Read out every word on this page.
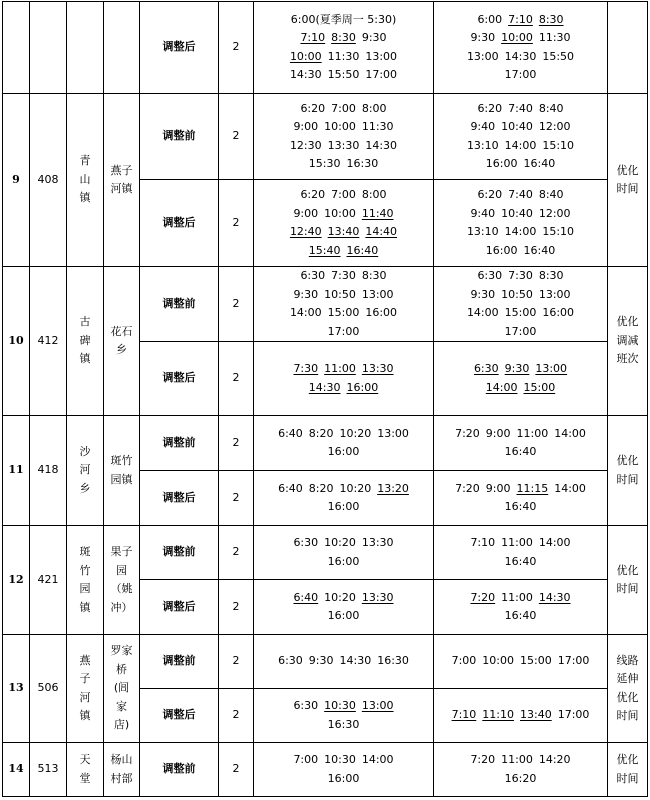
				调整后	2	6:00(夏季周一 5:30)
7:10 8:30 9:30
10:00 11:30 13:00
14:30 15:50 17:00	6:00 7:10 8:30
9:30 10:00 11:30
13:00 14:30 15:50
17:00	

9	408	青
山
镇	燕子
河镇	调整前	2	6:20 7:00 8:00
9:00 10:00 11:30
12:30 13:30 14:30
15:30 16:30	6:20 7:40 8:40
9:40 10:40 12:00
13:10 14:00 15:10
16:00 16:40	优化
时间

				调整后	2	6:20 7:00 8:00
9:00 10:00 11:40
12:40 13:40 14:40
15:40 16:40	6:20 7:40 8:40
9:40 10:40 12:00
13:10 14:00 15:10
16:00 16:40	

10	412	古
碑
镇	花石
乡	调整前	2	6:30 7:30 8:30
9:30 10:50 13:00
14:00 15:00 16:00
17:00	6:30 7:30 8:30
9:30 10:50 13:00
14:00 15:00 16:00
17:00	优化
调减
班次

				调整后	2	7:30 11:00 13:30
14:30 16:00	6:30 9:30 13:00
14:00 15:00	

11	418	沙
河
乡	斑竹
园镇	调整前	2	6:40 8:20 10:20 13:00
16:00	7:20 9:00 11:00 14:00
16:40	优化
时间

				调整后	2	6:40 8:20 10:20 13:20
16:00	7:20 9:00 11:15 14:00
16:40	

12	421	斑
竹
园
镇	果子
园
（姚
冲）	调整前	2	6:30 10:20 13:30
16:00	7:10 11:00 14:00
16:40	优化
时间

				调整后	2	6:40 10:20 13:30
16:00	7:20 11:00 14:30
16:40	

13	506	燕
子
河
镇	罗家
桥
(闾
家
店)	调整前	2	6:30 9:30 14:30 16:30	7:00 10:00 15:00 17:00	线路
延伸
优化
时间

				调整后	2	6:30 10:30 13:00
16:30	7:10 11:10 13:40 17:00	

14	513	天
堂	杨山
村部	调整前	2	7:00 10:30 14:00
16:00	7:20 11:00 14:20
16:20	优化
时间
